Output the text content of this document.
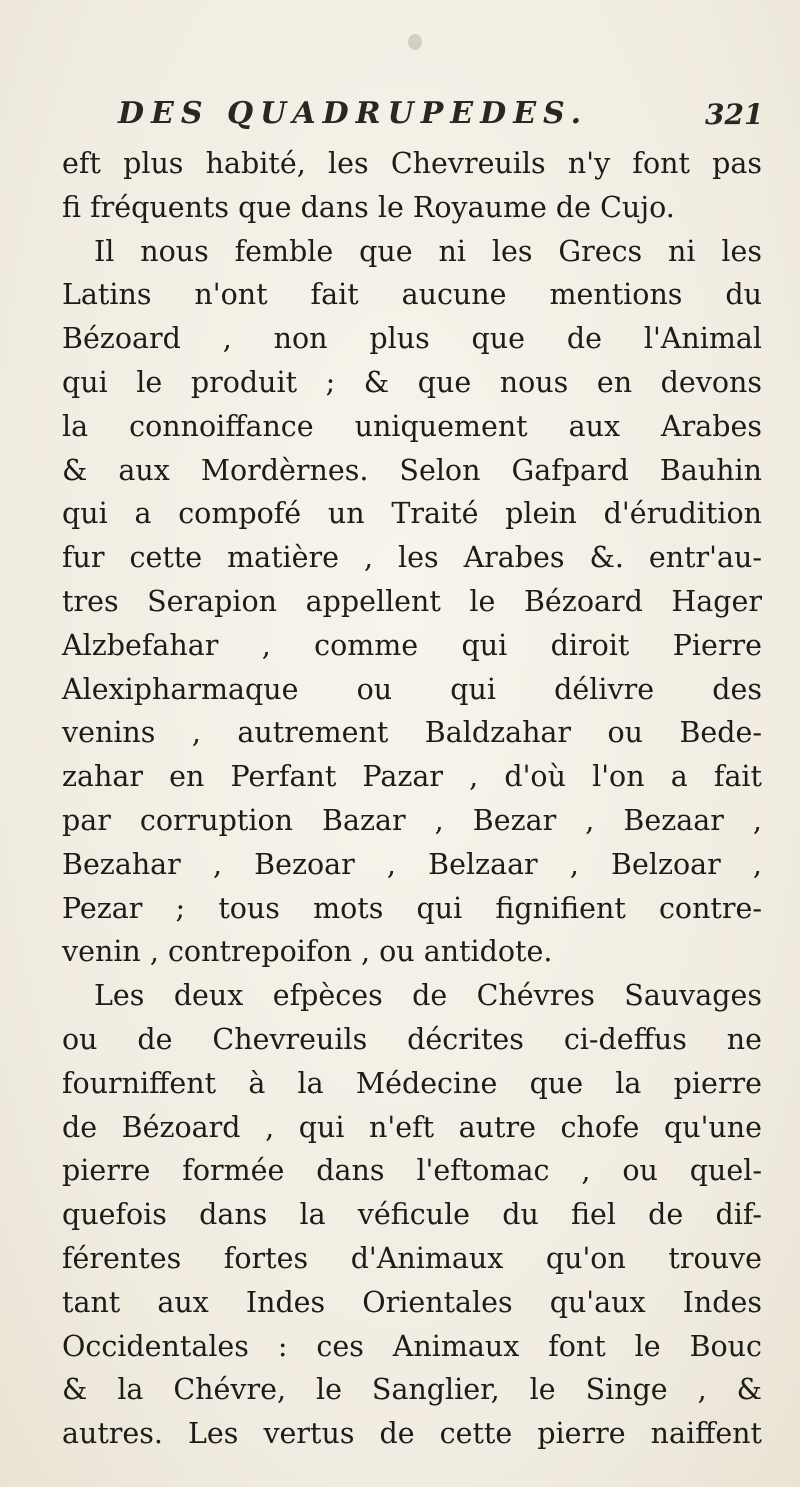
DES QUADRUPEDES.	321
eft plus habité, les Chevreuils n'y font pas
fi fréquents que dans le Royaume de Cujo.
Il nous femble que ni les Grecs ni les
Latins n'ont fait aucune mentions du
Bézoard , non plus que de l'Animal
qui le produit ; & que nous en devons
la connoiffance uniquement aux Arabes
& aux Mordèrnes. Selon Gafpard Bauhin
qui a compofé un Traité plein d'érudition
fur cette matière , les Arabes &. entr'au-
tres Serapion appellent le Bézoard Hager
Alzbefahar , comme qui diroit Pierre
Alexipharmaque ou qui délivre des
venins , autrement Baldzahar ou Bede-
zahar en Perfant Pazar , d'où l'on a fait
par corruption Bazar , Bezar , Bezaar ,
Bezahar , Bezoar , Belzaar , Belzoar ,
Pezar ; tous mots qui fignifient contre-
venin , contrepoifon , ou antidote.
Les deux efpèces de Chévres Sauvages
ou de Chevreuils décrites ci-deffus ne
fourniffent à la Médecine que la pierre
de Bézoard , qui n'eft autre chofe qu'une
pierre formée dans l'eftomac , ou quel-
quefois dans la véficule du fiel de dif-
férentes fortes d'Animaux qu'on trouve
tant aux Indes Orientales qu'aux Indes
Occidentales : ces Animaux font le Bouc
& la Chévre, le Sanglier, le Singe , &
autres. Les vertus de cette pierre naiffent
